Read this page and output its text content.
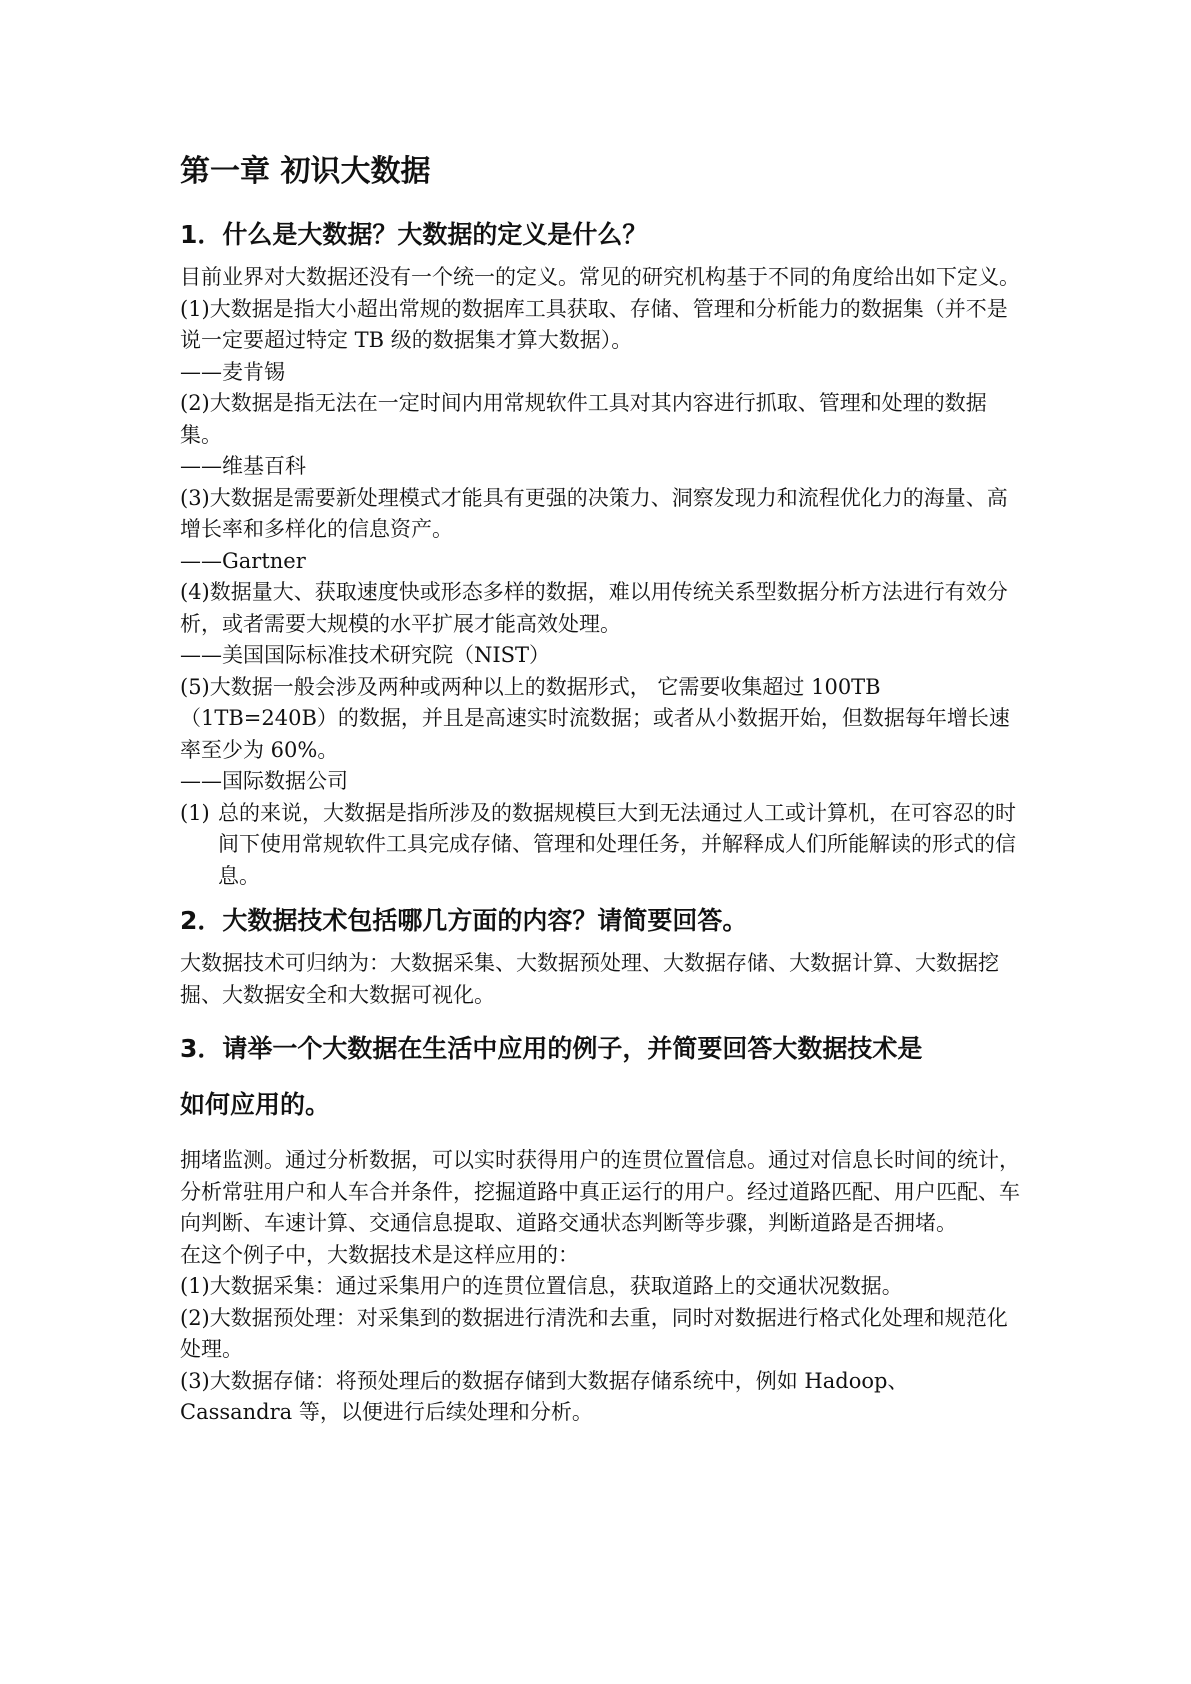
第一章 初识大数据
1．什么是大数据？大数据的定义是什么？

目前业界对大数据还没有一个统一的定义。常见的研究机构基于不同的角度给出如下定义。

(1)大数据是指大小超出常规的数据库工具获取、存储、管理和分析能力的数据集（并不是说一定要超过特定 TB 级的数据集才算大数据）。

——麦肯锡

(2)大数据是指无法在一定时间内用常规软件工具对其内容进行抓取、管理和处理的数据集。

——维基百科

(3)大数据是需要新处理模式才能具有更强的决策力、洞察发现力和流程优化力的海量、高增长率和多样化的信息资产。

——Gartner

(4)数据量大、获取速度快或形态多样的数据，难以用传统关系型数据分析方法进行有效分析，或者需要大规模的水平扩展才能高效处理。

——美国国际标准技术研究院（NIST）

(5)大数据一般会涉及两种或两种以上的数据形式， 它需要收集超过 100TB（1TB=240B）的数据，并且是高速实时流数据；或者从小数据开始，但数据每年增长速率至少为 60%。

——国际数据公司

(1) 总的来说，大数据是指所涉及的数据规模巨大到无法通过人工或计算机，在可容忍的时间下使用常规软件工具完成存储、管理和处理任务，并解释成人们所能解读的形式的信息。
2．大数据技术包括哪几方面的内容？请简要回答。

大数据技术可归纳为：大数据采集、大数据预处理、大数据存储、大数据计算、大数据挖掘、大数据安全和大数据可视化。

3．请举一个大数据在生活中应用的例子，并简要回答大数据技术是
如何应用的。

拥堵监测。通过分析数据，可以实时获得用户的连贯位置信息。通过对信息长时间的统计，分析常驻用户和人车合并条件，挖掘道路中真正运行的用户。经过道路匹配、用户匹配、车向判断、车速计算、交通信息提取、道路交通状态判断等步骤，判断道路是否拥堵。

在这个例子中，大数据技术是这样应用的：

(1)大数据采集：通过采集用户的连贯位置信息，获取道路上的交通状况数据。

(2)大数据预处理：对采集到的数据进行清洗和去重，同时对数据进行格式化处理和规范化处理。

(3)大数据存储：将预处理后的数据存储到大数据存储系统中，例如 Hadoop、Cassandra 等，以便进行后续处理和分析。
